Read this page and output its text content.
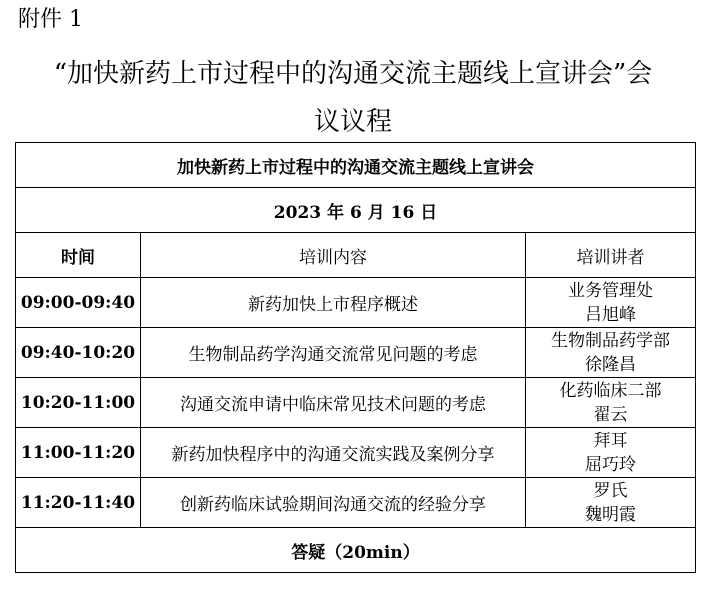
附件 1
“加快新药上市过程中的沟通交流主题线上宣讲会”会
议议程
加快新药上市过程中的沟通交流主题线上宣讲会		
2023 年 6 月 16 日		
时间	培训内容	培训讲者
09:00-09:40	新药加快上市程序概述	业务管理处
吕旭峰

09:40-10:20	生物制品药学沟通交流常见问题的考虑	生物制品药学部
徐隆昌

10:20-11:00	沟通交流申请中临床常见技术问题的考虑	化药临床二部
翟云

11:00-11:20	新药加快程序中的沟通交流实践及案例分享	拜耳
屈巧玲

11:20-11:40	创新药临床试验期间沟通交流的经验分享	罗氏
魏明霞

答疑（20min）		
